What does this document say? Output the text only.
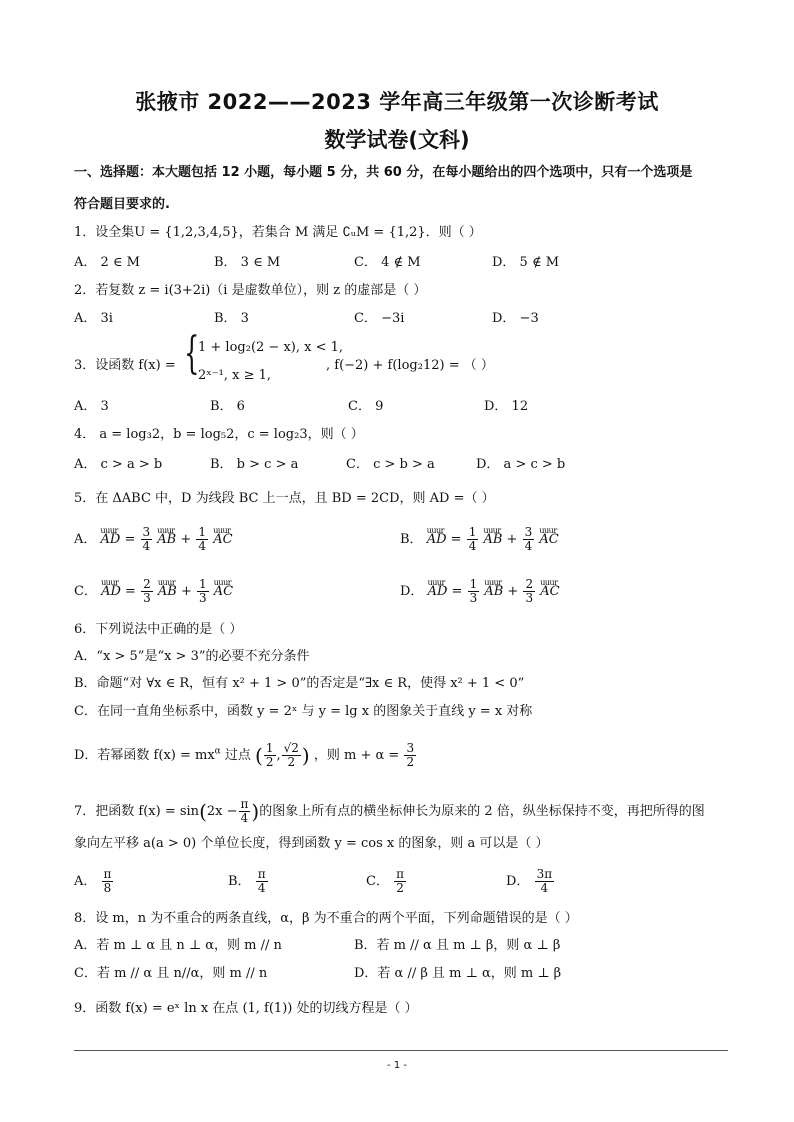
张掖市 2022——2023 学年高三年级第一次诊断考试
数学试卷(文科)
一、选择题：本大题包括 12 小题，每小题 5 分，共 60 分，在每小题给出的四个选项中，只有一个选项是
符合题目要求的.
1．设全集U = {1,2,3,4,5}，若集合 M 满足 ∁ᵤM = {1,2}．则（ ）
A． 2 ∈ M	B． 3 ∈ M	C． 4 ∉ M	D． 5 ∉ M
2．若复数 z = i(3+2i)（i 是虚数单位），则 z 的虚部是（ ）
A． 3i	B． 3	C． −3i	D． −3
3．设函数 f(x) = {
1 + log₂(2 − x), x < 1,
2ˣ⁻¹, x ≥ 1,
, f(−2) + f(log₂12) = （ ）
A． 3	B． 6	C． 9	D． 12
4． a = log₃2，b = log₅2，c = log₂3，则（ ）
A． c > a > b	B． b > c > a	C． c > b > a	D． a > c > b
5．在 ΔABC 中，D 为线段 BC 上一点，且 BD = 2CD，则 AD =（ ）
A． uuur AD = $\frac{3}{4}$ uuur AB + $\frac{1}{4}$ uuur AC	B． uuur AD = $\frac{1}{4}$ uuur AB + $\frac{3}{4}$ uuur AC
C． uuur AD = $\frac{2}{3}$ uuur AB + $\frac{1}{3}$ uuur AC	D． uuur AD = $\frac{1}{3}$ uuur AB + $\frac{2}{3}$ uuur AC
6．下列说法中正确的是（ ）
A．“x > 5”是“x > 3”的必要不充分条件
B．命题“对 ∀x ∈ R，恒有 x² + 1 > 0”的否定是“∃x ∈ R，使得 x² + 1 < 0”
C．在同一直角坐标系中，函数 y = 2ˣ 与 y = lg x 的图象关于直线 y = x 对称
D．若幂函数 $f(x) = mx^\alpha$ 过点 ( $\frac{1}{2}$ , $\frac{√2}{2}$ ) ，则 $m + \alpha = \frac{3}{2}$
7．把函数 $f(x) = \sin(2x - \frac{\pi}{4}$ )的图象上所有点的横坐标伸长为原来的 2 倍，纵坐标保持不变，再把所得的图
象向左平移 a(a > 0) 个单位长度，得到函数 y = cos x 的图象，则 a 可以是（ ）
A． $\frac{\pi}{8}$	B． $\frac{\pi}{4}$	C． $\frac{\pi}{2}$	D． $\frac{3\pi}{4}$
8．设 m，n 为不重合的两条直线，α，β 为不重合的两个平面，下列命题错误的是（ ）
A．若 m ⊥ α 且 n ⊥ α，则 m // n	B．若 m // α 且 m ⊥ β，则 α ⊥ β
C．若 m // α 且 n//α，则 m // n	D．若 α // β 且 m ⊥ α，则 m ⊥ β
9．函数 f(x) = eˣ ln x 在点 (1, f(1)) 处的切线方程是（ ）
- 1 -
